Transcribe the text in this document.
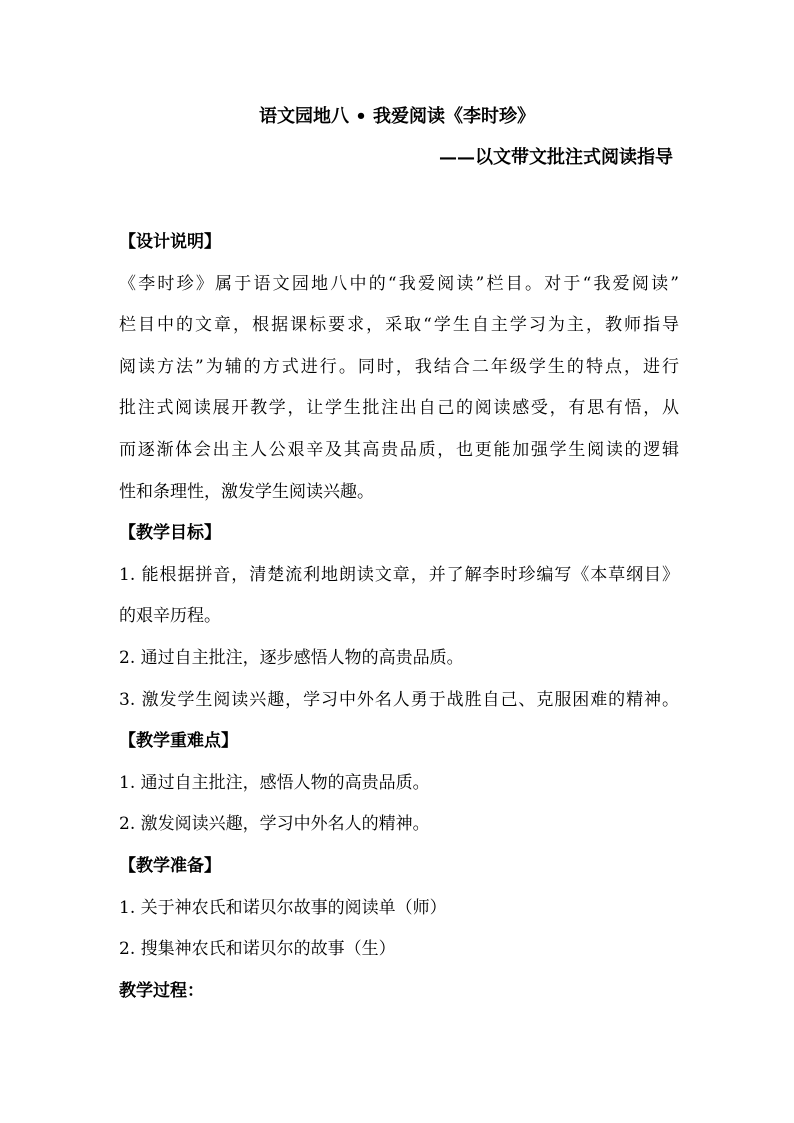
语文园地八 • 我爱阅读《李时珍》
——以文带文批注式阅读指导
【设计说明】
《李时珍》属于语文园地八中的“我爱阅读”栏目。对于“我爱阅读”
栏目中的文章，根据课标要求，采取“学生自主学习为主，教师指导
阅读方法”为辅的方式进行。同时，我结合二年级学生的特点，进行
批注式阅读展开教学，让学生批注出自己的阅读感受，有思有悟，从
而逐渐体会出主人公艰辛及其高贵品质，也更能加强学生阅读的逻辑
性和条理性，激发学生阅读兴趣。
【教学目标】
1. 能根据拼音，清楚流利地朗读文章，并了解李时珍编写《本草纲目》
的艰辛历程。
2. 通过自主批注，逐步感悟人物的高贵品质。
3. 激发学生阅读兴趣，学习中外名人勇于战胜自己、克服困难的精神。
【教学重难点】
1. 通过自主批注，感悟人物的高贵品质。
2. 激发阅读兴趣，学习中外名人的精神。
【教学准备】
1. 关于神农氏和诺贝尔故事的阅读单（师）
2. 搜集神农氏和诺贝尔的故事（生）
教学过程：
